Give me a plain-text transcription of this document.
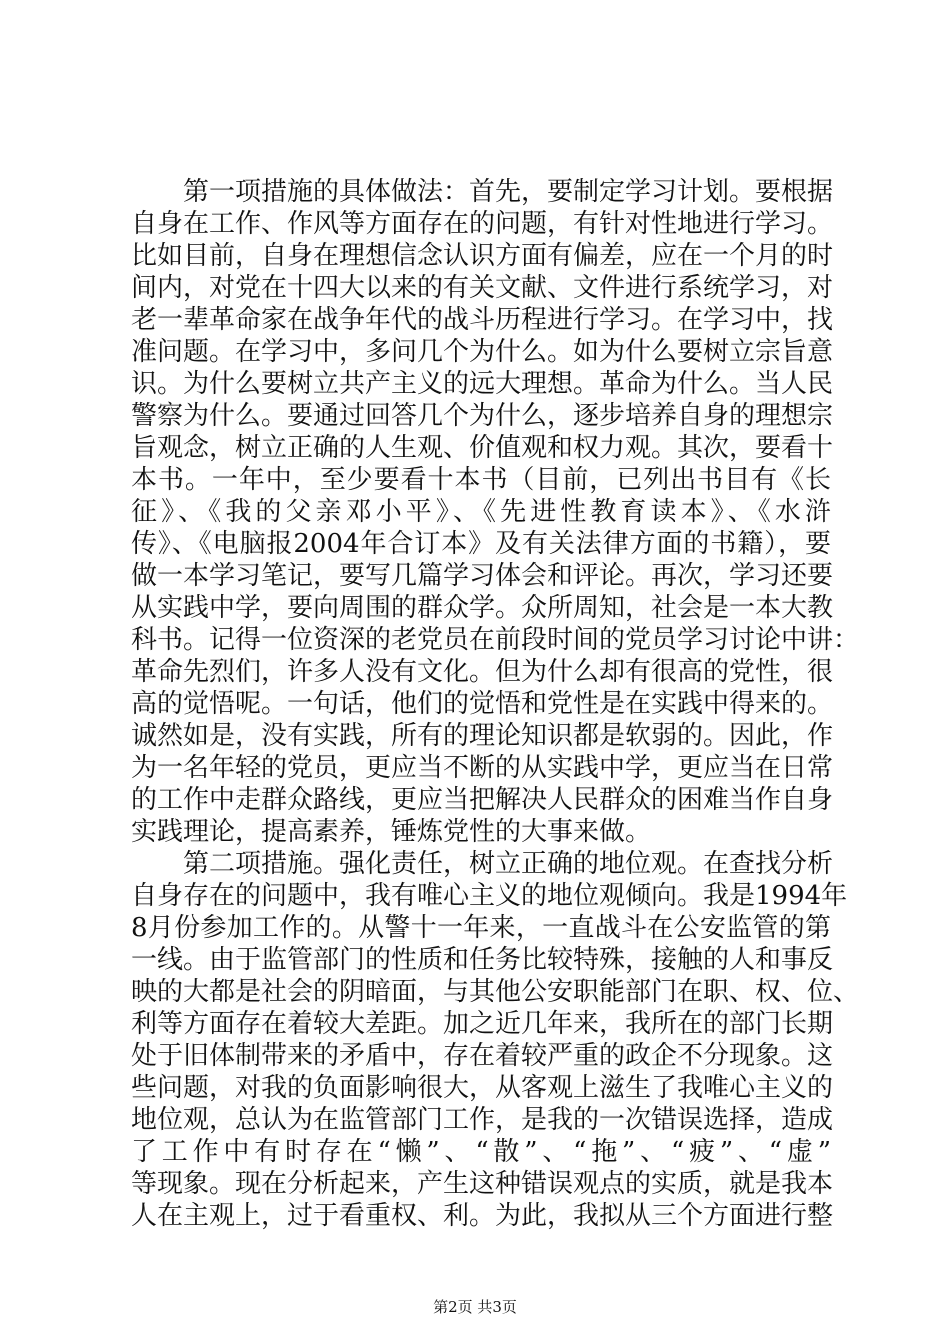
第一项措施的具体做法：首先，要制定学习计划。要根据
自身在工作、作风等方面存在的问题，有针对性地进行学习。
比如目前，自身在理想信念认识方面有偏差，应在一个月的时
间内，对党在十四大以来的有关文献、文件进行系统学习，对
老一辈革命家在战争年代的战斗历程进行学习。在学习中，找
准问题。在学习中，多问几个为什么。如为什么要树立宗旨意
识。为什么要树立共产主义的远大理想。革命为什么。当人民
警察为什么。要通过回答几个为什么，逐步培养自身的理想宗
旨观念，树立正确的人生观、价值观和权力观。其次，要看十
本书。一年中，至少要看十本书（目前，已列出书目有《长
征》、《我的父亲邓小平》、《先进性教育读本》、《水浒
传》、《电脑报2004年合订本》及有关法律方面的书籍），要
做一本学习笔记，要写几篇学习体会和评论。再次，学习还要
从实践中学，要向周围的群众学。众所周知，社会是一本大教
科书。记得一位资深的老党员在前段时间的党员学习讨论中讲：
革命先烈们，许多人没有文化。但为什么却有很高的党性，很
高的觉悟呢。一句话，他们的觉悟和党性是在实践中得来的。
诚然如是，没有实践，所有的理论知识都是软弱的。因此，作
为一名年轻的党员，更应当不断的从实践中学，更应当在日常
的工作中走群众路线，更应当把解决人民群众的困难当作自身
实践理论，提高素养，锤炼党性的大事来做。
第二项措施。强化责任，树立正确的地位观。在查找分析
自身存在的问题中，我有唯心主义的地位观倾向。我是1994年
8月份参加工作的。从警十一年来，一直战斗在公安监管的第
一线。由于监管部门的性质和任务比较特殊，接触的人和事反
映的大都是社会的阴暗面，与其他公安职能部门在职、权、位、
利等方面存在着较大差距。加之近几年来，我所在的部门长期
处于旧体制带来的矛盾中，存在着较严重的政企不分现象。这
些问题，对我的负面影响很大，从客观上滋生了我唯心主义的
地位观，总认为在监管部门工作，是我的一次错误选择，造成
了工作中有时存在“懒”、“散”、“拖”、“疲”、“虚”
等现象。现在分析起来，产生这种错误观点的实质，就是我本
人在主观上，过于看重权、利。为此，我拟从三个方面进行整
第2页 共3页
